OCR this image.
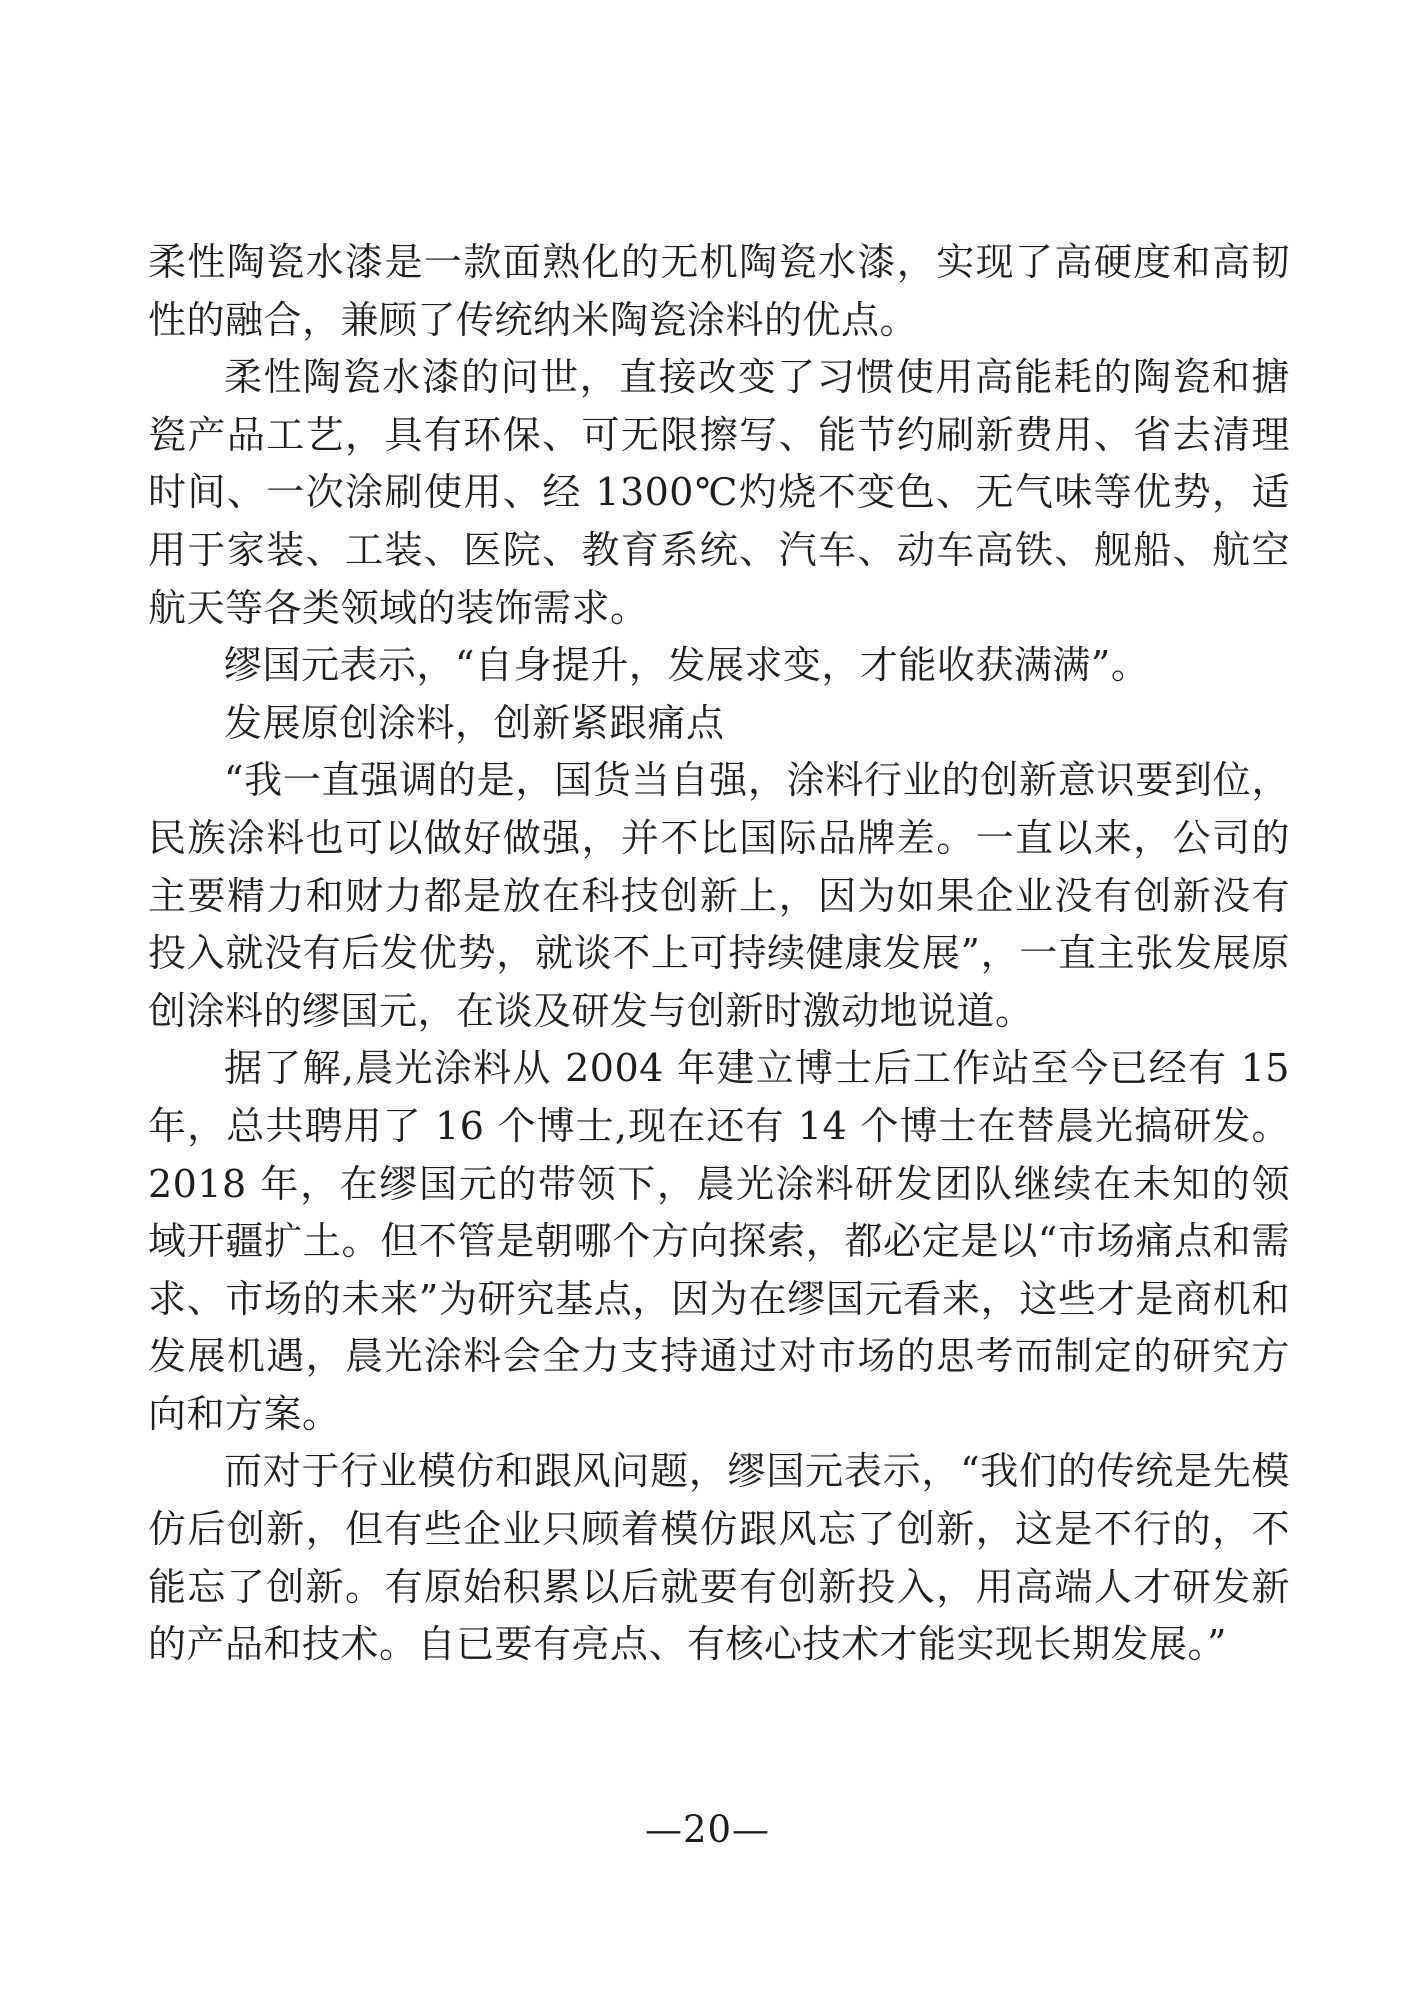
柔性陶瓷水漆是一款面熟化的无机陶瓷水漆，实现了高硬度和高韧性的融合，兼顾了传统纳米陶瓷涂料的优点。

柔性陶瓷水漆的问世，直接改变了习惯使用高能耗的陶瓷和搪瓷产品工艺，具有环保、可无限擦写、能节约刷新费用、省去清理时间、一次涂刷使用、经 1300℃灼烧不变色、无气味等优势，适用于家装、工装、医院、教育系统、汽车、动车高铁、舰船、航空航天等各类领域的装饰需求。

缪国元表示，“自身提升，发展求变，才能收获满满”。

发展原创涂料，创新紧跟痛点

“我一直强调的是，国货当自强，涂料行业的创新意识要到位，民族涂料也可以做好做强，并不比国际品牌差。一直以来，公司的主要精力和财力都是放在科技创新上，因为如果企业没有创新没有投入就没有后发优势，就谈不上可持续健康发展”，一直主张发展原创涂料的缪国元，在谈及研发与创新时激动地说道。

据了解,晨光涂料从 2004 年建立博士后工作站至今已经有 15 年，总共聘用了 16 个博士,现在还有 14 个博士在替晨光搞研发。2018 年，在缪国元的带领下，晨光涂料研发团队继续在未知的领域开疆扩土。但不管是朝哪个方向探索，都必定是以“市场痛点和需求、市场的未来”为研究基点，因为在缪国元看来，这些才是商机和发展机遇，晨光涂料会全力支持通过对市场的思考而制定的研究方向和方案。

而对于行业模仿和跟风问题，缪国元表示，“我们的传统是先模仿后创新，但有些企业只顾着模仿跟风忘了创新，这是不行的，不能忘了创新。有原始积累以后就要有创新投入，用高端人才研发新的产品和技术。自已要有亮点、有核心技术才能实现长期发展。”

—20—
